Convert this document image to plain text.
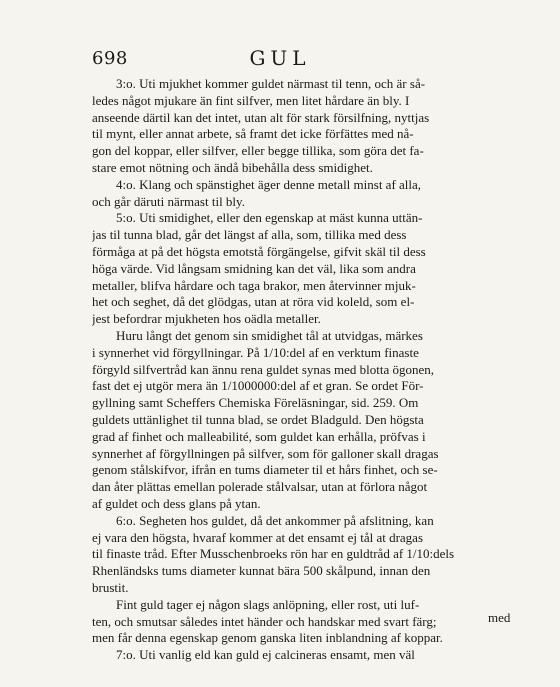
698	GUL
3:o. Uti mjukhet kommer guldet närmast til tenn, och är så-
ledes något mjukare än fint silfver, men litet hårdare än bly. I
anseende därtil kan det intet, utan alt för stark försilfning, nyttjas
til mynt, eller annat arbete, så framt det icke förfättes med nå-
gon del koppar, eller silfver, eller begge tillika, som göra det fa-
stare emot nötning och ändå bibehålla dess smidighet.
4:o. Klang och spänstighet äger denne metall minst af alla,
och går däruti närmast til bly.
5:o. Uti smidighet, eller den egenskap at mäst kunna uttän-
jas til tunna blad, går det längst af alla, som, tillika med dess
förmåga at på det högsta emotstå förgängelse, gifvit skäl til dess
höga värde. Vid långsam smidning kan det väl, lika som andra
metaller, blifva hårdare och taga brakor, men återvinner mjuk-
het och seghet, då det glödgas, utan at röra vid koleld, som el-
jest befordrar mjukheten hos oädla metaller.
Huru långt det genom sin smidighet tål at utvidgas, märkes
i synnerhet vid förgyllningar. På 1/10:del af en verktum finaste
förgyld silfvertråd kan ännu rena guldet synas med blotta ögonen,
fast det ej utgör mera än 1/1000000:del af et gran. Se ordet För-
gyllning samt Scheffers Chemiska Föreläsningar, sid. 259. Om
guldets uttänlighet til tunna blad, se ordet Bladguld. Den högsta
grad af finhet och malleabilité, som guldet kan erhålla, pröfvas i
synnerhet af förgyllningen på silfver, som för galloner skall dragas
genom stålskifvor, ifrån en tums diameter til et hårs finhet, och se-
dan åter plättas emellan polerade stålvalsar, utan at förlora något
af guldet och dess glans på ytan.
6:o. Segheten hos guldet, då det ankommer på afslitning, kan
ej vara den högsta, hvaraf kommer at det ensamt ej tål at dragas
til finaste tråd. Efter Musschenbroeks rön har en guldtråd af 1/10:dels
Rhenländsks tums diameter kunnat bära 500 skålpund, innan den
brustit.
Fint guld tager ej någon slags anlöpning, eller rost, uti luf-
ten, och smutsar således intet händer och handskar med svart färg;
men får denna egenskap genom ganska liten inblandning af koppar.
7:o. Uti vanlig eld kan guld ej calcineras ensamt, men väl
med
